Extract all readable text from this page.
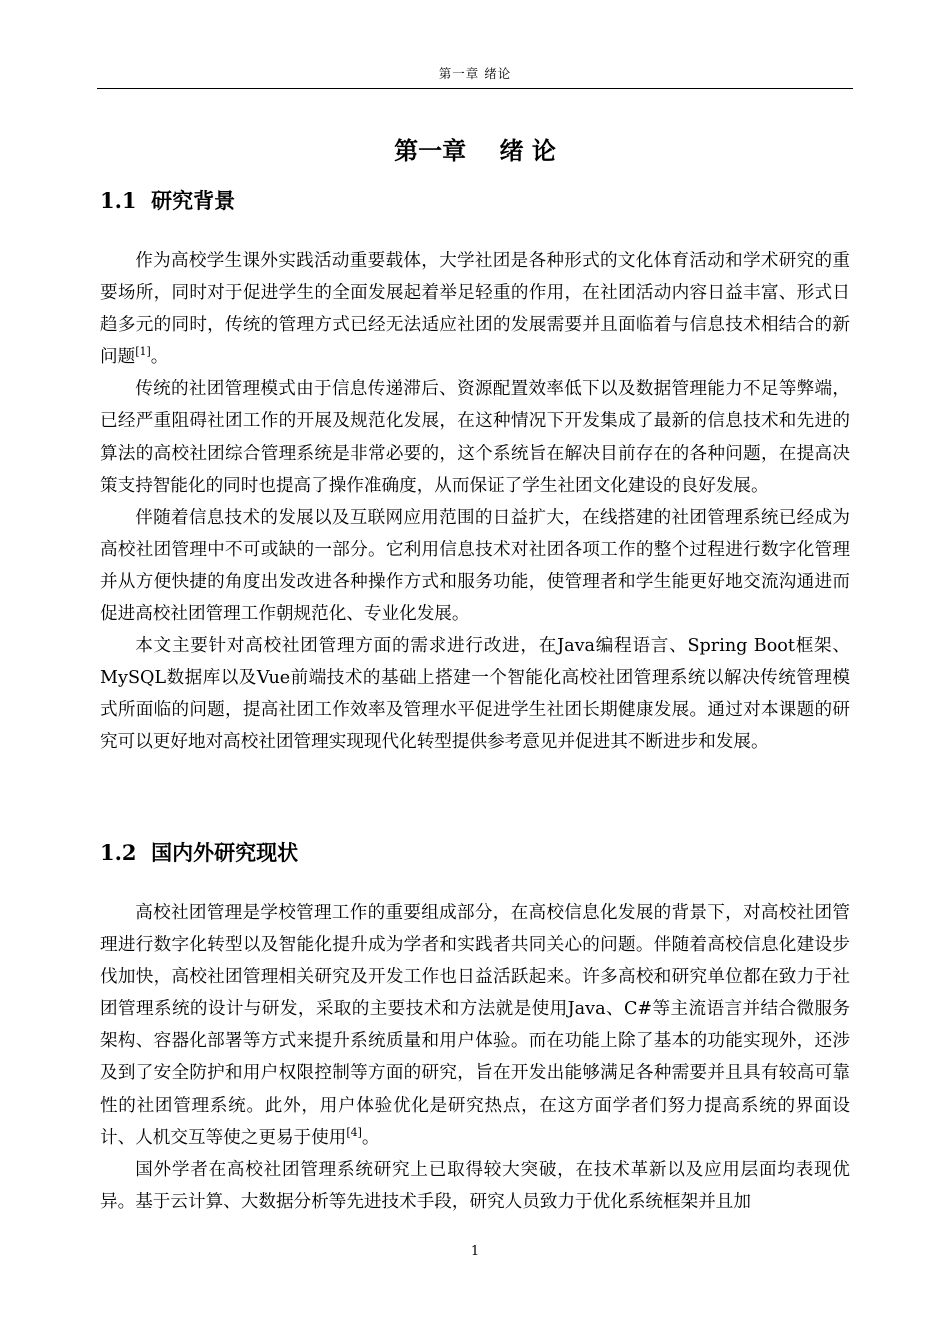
第一章 绪论
第一章    绪 论
1.1  研究背景

作为高校学生课外实践活动重要载体，大学社团是各种形式的文化体育活动和学术研究的重要场所，同时对于促进学生的全面发展起着举足轻重的作用，在社团活动内容日益丰富、形式日趋多元的同时，传统的管理方式已经无法适应社团的发展需要并且面临着与信息技术相结合的新问题[1]。

传统的社团管理模式由于信息传递滞后、资源配置效率低下以及数据管理能力不足等弊端，已经严重阻碍社团工作的开展及规范化发展，在这种情况下开发集成了最新的信息技术和先进的算法的高校社团综合管理系统是非常必要的，这个系统旨在解决目前存在的各种问题，在提高决策支持智能化的同时也提高了操作准确度，从而保证了学生社团文化建设的良好发展。

伴随着信息技术的发展以及互联网应用范围的日益扩大，在线搭建的社团管理系统已经成为高校社团管理中不可或缺的一部分。它利用信息技术对社团各项工作的整个过程进行数字化管理并从方便快捷的角度出发改进各种操作方式和服务功能，使管理者和学生能更好地交流沟通进而促进高校社团管理工作朝规范化、专业化发展。

本文主要针对高校社团管理方面的需求进行改进，在Java编程语言、Spring Boot框架、MySQL数据库以及Vue前端技术的基础上搭建一个智能化高校社团管理系统以解决传统管理模式所面临的问题，提高社团工作效率及管理水平促进学生社团长期健康发展。通过对本课题的研究可以更好地对高校社团管理实现现代化转型提供参考意见并促进其不断进步和发展。

1.2  国内外研究现状

高校社团管理是学校管理工作的重要组成部分，在高校信息化发展的背景下，对高校社团管理进行数字化转型以及智能化提升成为学者和实践者共同关心的问题。伴随着高校信息化建设步伐加快，高校社团管理相关研究及开发工作也日益活跃起来。许多高校和研究单位都在致力于社团管理系统的设计与研发，采取的主要技术和方法就是使用Java、C#等主流语言并结合微服务架构、容器化部署等方式来提升系统质量和用户体验。而在功能上除了基本的功能实现外，还涉及到了安全防护和用户权限控制等方面的研究，旨在开发出能够满足各种需要并且具有较高可靠性的社团管理系统。此外，用户体验优化是研究热点，在这方面学者们努力提高系统的界面设计、人机交互等使之更易于使用[4]。

国外学者在高校社团管理系统研究上已取得较大突破，在技术革新以及应用层面均表现优异。基于云计算、大数据分析等先进技术手段，研究人员致力于优化系统框架并且加

1
